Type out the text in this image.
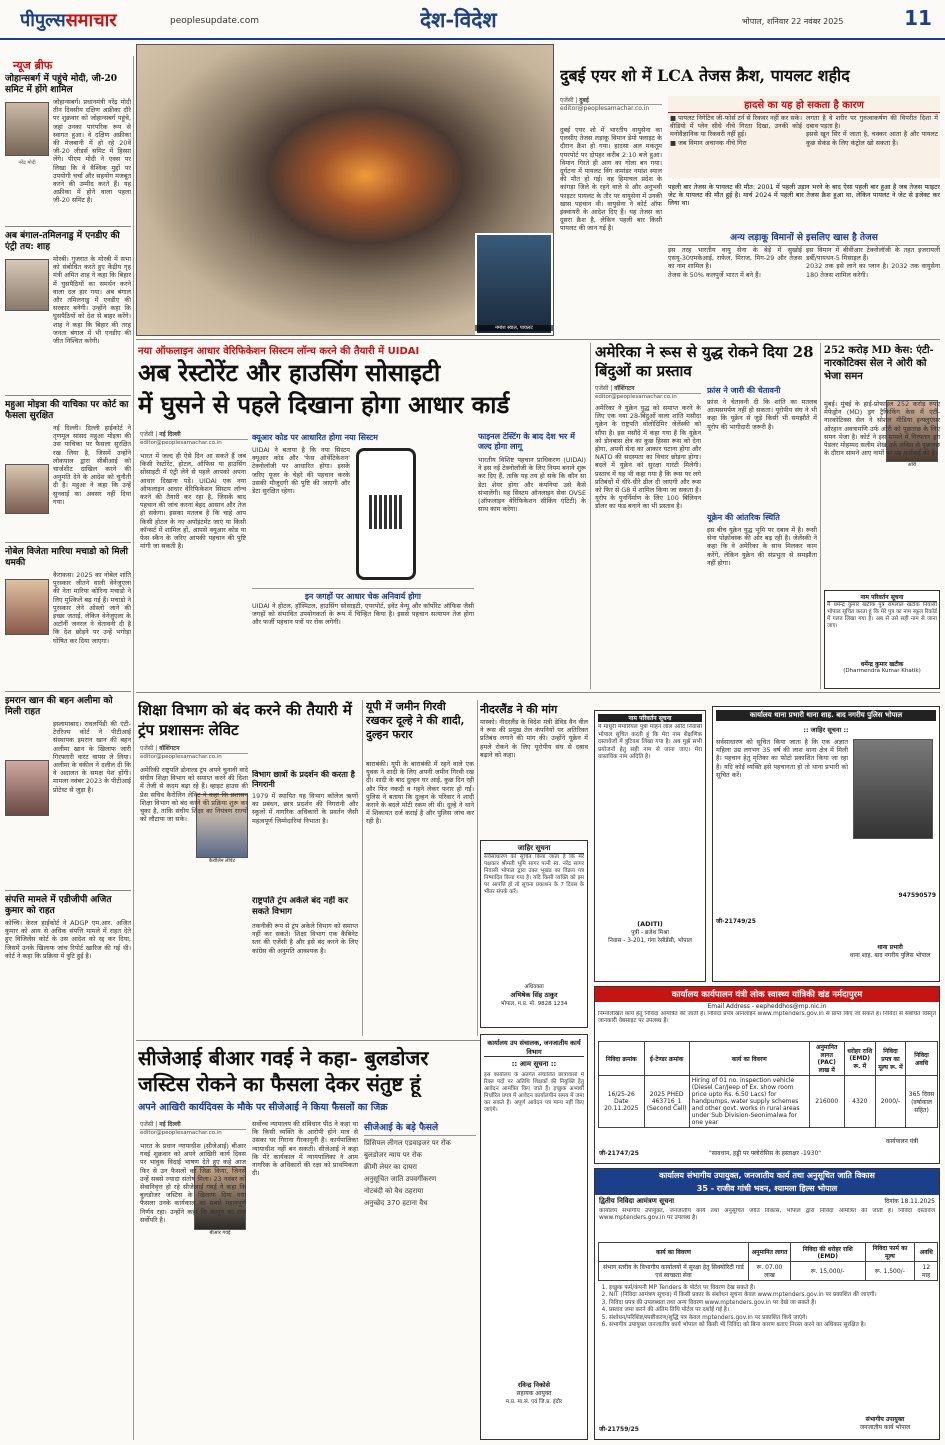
पीपुल्ससमाचार	peoplesupdate.com	देश-विदेश	भोपाल, शनिवार 22 नवंबर 2025	11
न्यूज ब्रीफ
जोहान्सबर्ग में पहुंचे मोदी, जी-20 समिट में होंगे शामिल
जोहान्सबर्ग। प्रधानमंत्री नरेंद्र मोदी तीन दिवसीय दक्षिण अफ्रीका दौरे पर शुक्रवार को जोहान्सबर्ग पहुंचे, जहां उनका पारंपरिक रूप से स्वागत हुआ। वे दक्षिण अफ्रीका की मेजबानी में हो रहे 20वें जी-20 लीडर्स समिट में हिस्सा लेंगे। पीएम मोदी ने एक्स पर लिखा कि वे वैश्विक मुद्दों पर उपयोगी चर्चा और सहयोग मजबूत करने की उम्मीद करते हैं। यह अफ्रीका में होने वाला पहला जी-20 समिट है।
नरेंद्र मोदी
अब बंगाल-तमिलनाडु में एनडीए की एंट्री तय: शाह
मोरबी। गुजरात के मोरबी में सभा को संबोधित करते हुए केंद्रीय गृह मंत्री अमित शाह ने कहा कि बिहार में घुसपैठियों का समर्थन करने वाला दल हार गया। अब बंगाल और तमिलनाडु में एनडीए की सरकार बनेगी। उन्होंने कहा कि घुसपैठियों को देश से बाहर करेंगे। शाह ने कहा कि बिहार की तरह जनता बंगाल में भी एनडीए की जीत निश्चित करेगी।
महुआ मोइत्रा की याचिका पर कोर्ट का फैसला सुरक्षित
नई दिल्ली। दिल्ली हाईकोर्ट ने तृणमूल सांसद महुआ मोइत्रा की उस याचिका पर फैसला सुरक्षित रख लिया है, जिसमें उन्होंने लोकपाल द्वारा सीबीआई को चार्जशीट दाखिल करने की अनुमति देने के आदेश को चुनौती दी है। महुआ ने कहा कि उन्हें सुनवाई का अवसर नहीं दिया गया।
नोबेल विजेता मारिया मचाडो को मिली धमकी
कैराकस। 2025 का नोबेल शांति पुरस्कार जीतने वाली वेनेजुएला की नेता मारिया कोरिना मचाडो ने लिए मुश्किलें बढ़ गई हैं। मचाडो ने पुरस्कार लेने ओस्लो जाने की इच्छा जताई, लेकिन वेनेजुएला के अटॉर्नी जनरल ने चेतावनी दी है कि देश छोड़ने पर उन्हें भगोड़ा घोषित कर दिया जाएगा।
इमरान खान की बहन अलीमा को मिली राहत
इस्लामाबाद। रावलपिंडी की एंटी-टेररिज्म कोर्ट ने पीटीआई संस्थापक इमरान खान की बहन अलीमा खान के खिलाफ जारी गिरफ्तारी वारंट वापस ले लिया। अलीमा के वकील ने दलील दी कि वे अदालत के समक्ष पेश होंगी। मामला नवंबर 2023 के पीटीआई प्रोटेस्ट से जुड़ा है।
संपत्ति मामले में एडीजीपी अजित कुमार को राहत
कोच्चि। केरल हाईकोर्ट ने ADGP एम.आर. अजित कुमार को आय से अधिक संपत्ति मामले में राहत देते हुए विजिलेंस कोर्ट के उस आदेश को रद्द कर दिया, जिसमें उनके खिलाफ जांच रिपोर्ट खारिज की गई थी। कोर्ट ने कहा कि प्रक्रिया में त्रुटि हुई है।
नमांश स्याल, पायलट
दुबई एयर शो में LCA तेजस क्रैश, पायलट शहीद
एजेंसी | दुबई
editor@peoplesamachar.co.in
दुबई एयर शो में भारतीय वायुसेना का एलसीए तेजस लड़ाकू विमान डेमो फ्लाइट के दौरान क्रैश हो गया। हादसा अल मकतूम एयरपोर्ट पर दोपहर करीब 2:10 बजे हुआ। विमान गिरते ही आग का गोला बन गया। दुर्घटना में पायलट विंग कमांडर नमांश स्याल की मौत हो गई। वह हिमाचल प्रदेश के कांगड़ा जिले के रहने वाले थे और अनुभवी फाइटर पायलट के तौर पर वायुसेना में उनकी खास पहचान थी। वायुसेना ने कोर्ट ऑफ इंक्वायरी के आदेश दिए हैं। यह तेजस का दूसरा क्रैश है, लेकिन पहली बार किसी पायलट की जान गई है।
हादसे का यह हो सकता है कारण
■ पायलट निगेटिव जी-फोर्स टर्न से रिकवर नहीं कर सके। वीडियो में प्लेन सीधे नीचे गिरता दिखा, उनकी कोई मनोवैज्ञानिक या रिकवरी नहीं हुई।
■ जब विमान अचानक नीचे गिरा
लगता है वे शरीर पर गुरुत्वाकर्षण की विपरीत दिशा में दबाव पड़ता है।
इससे खून सिर में जाता है, चक्कर आता है और पायलट कुछ सेकंड के लिए कंट्रोल खो सकता है।
पहली बार तेजस के पायलट की मौत: 2001 में पहली उड़ान भरने के बाद ऐसा पहली बार हुआ है जब तेजस फाइटर जेट के पायलट की मौत हुई है। मार्च 2024 में पहली बार तेजस क्रैश हुआ था, लेकिन पायलट ने जेट से इजेक्ट कर लिया था।
अन्य लड़ाकू विमानों से इसलिए खास है तेजस
इस तरह भारतीय वायु सेना के बेड़े में सुखोई एसयू-30एमकेआई, राफेल, मिराज, मिग-29 और तेजस का नाम शामिल है।
तेजस के 50% कलपुर्जे भारत में बने हैं।
इस विमान में बीवीआर टेक्नोलॉजी के तहत इजरायली डर्बी/पायथन-5 मिसाइल हैं।
2032 तक इसे लाने का प्लान है। 2032 तक वायुसेना 180 तेजस शामिल करेगी।
नया ऑफलाइन आधार वेरिफिकेशन सिस्टम लॉन्च करने की तैयारी में UIDAI
अब रेस्टोरेंट और हाउसिंग सोसाइटी
में घुसने से पहले दिखाना होगा आधार कार्ड
एजेंसी | नई दिल्ली
editor@peoplesamachar.co.in
भारत में जल्द ही ऐसे दिन आ सकते हैं जब किसी रेस्टोरेंट, होटल, ऑफिस या हाउसिंग सोसाइटी में एंट्री लेने से पहले आपको अपना आधार दिखाना पड़े। UIDAI एक नया ऑफलाइन आधार वेरिफिकेशन सिस्टम लॉन्च करने की तैयारी कर रहा है, जिसके बाद पहचान की जांच करना बेहद आसान और तेज हो सकेगा। इसका मतलब है कि चाहे आप किसी होटल के नए अपॉइंटमेंट जाएं या किसी कॉन्सर्ट में शामिल हों, आपसे क्यूआर कोड या फेस स्कैन के जरिए आपकी पहचान की पुष्टि मांगी जा सकती है।
क्यूआर कोड पर आधारित होगा नया सिस्टम
UIDAI ने बताया है कि नया सिस्टम क्यूआर कोड और 'फेस ऑथेंटिकेशन' टेक्नोलॉजी पर आधारित होगा। इसके जरिए यूजर के चेहरे की पहचान करके उसकी मौजूदगी की पुष्टि की जाएगी और डेटा सुरक्षित रहेगा।
फाइनल टेस्टिंग के बाद देश भर में जल्द होगा लागू
भारतीय विशिष्ट पहचान प्राधिकरण (UIDAI) ने इस नई टेक्नोलॉजी के लिए नियम बनाने शुरू कर दिए हैं, ताकि यह तय हो सके कि कौन सा डेटा शेयर होगा और कंपनियां उसे कैसे संभालेंगी। यह सिस्टम ऑनलाइन सेवा OVSE (ऑफलाइन वेरिफिकेशन सीकिंग एंटिटी) के साथ काम करेगा।
इन जगहों पर आधार चेक अनिवार्य होगा
UIDAI ने होटल, हॉस्पिटल, हाउसिंग सोसाइटी, एयरपोर्ट, इवेंट वेन्यू और कॉर्पोरेट ऑफिस जैसी जगहों को संभावित उपयोगकर्ता के रूप में चिन्हित किया है। इससे पहचान सत्यापन तेज होगा और फर्जी पहचान पत्रों पर रोक लगेगी।
अमेरिका ने रूस से युद्ध रोकने दिया 28 बिंदुओं का प्रस्ताव
एजेंसी | वॉशिंगटन
editor@peoplesamachar.co.in
अमेरिका ने यूक्रेन युद्ध को समाप्त करने के लिए एक नया 28-बिंदुओं वाला शांति मसौदा यूक्रेन के राष्ट्रपति वोलोदिमिर जेलेंस्की को सौंपा है। इस मसौदे में कहा गया है कि यूक्रेन को डोनबास क्षेत्र का कुछ हिस्सा रूस को देना होगा, अपनी सेना का आकार घटाना होगा और NATO की सदस्यता का विचार छोड़ना होगा। बदले में यूक्रेन को सुरक्षा गारंटी मिलेगी। प्रस्ताव में यह भी कहा गया है कि रूस पर लगे प्रतिबंधों में धीरे-धीरे ढील दी जाएगी और रूस को फिर से G8 में शामिल किया जा सकता है। यूरोप के पुनर्निर्माण के लिए 100 बिलियन डॉलर का फंड बनाने का भी प्रस्ताव है।
फ्रांस ने जारी की चेतावनी
फ्रांस ने चेतावनी दी कि शांति का मतलब आत्मसमर्पण नहीं हो सकता। यूरोपीय संघ ने भी कहा कि यूक्रेन से जुड़े किसी भी समझौते में यूरोप की भागीदारी जरूरी है।
यूक्रेन की आंतरिक स्थिति
इस बीच यूक्रेन युद्ध भूमि पर दबाव में है। रूसी सेना पोक्रोवस्क की ओर बढ़ रही है। जेलेंस्की ने कहा कि वे अमेरिका के साथ मिलकर काम करेंगे, लेकिन यूक्रेन की संप्रभुता से समझौता नहीं होगा।
252 करोड़ MD केस: एंटी-नारकोटिक्स सेल ने ओरी को भेजा समन
ओरी
मुंबई। मुंबई के हाई-प्रोफाइल 252 करोड़ रुपए मेफेड्रोन (MD) ड्रग ट्रैफिकिंग केस में एंटी-नारकोटिक्स सेल ने सोशल मीडिया इन्फ्लुएंसर ओरहान अवत्रामणि उर्फ ओरी को पूछताछ के लिए समन भेजा है। कोर्ट ने इस मामले में गिरफ्तार ड्रग पेडलर मोहम्मद सलीम शेख उर्फ लविश से पूछताछ के दौरान सामने आए नामों पर यह कार्रवाई की है।
नाम परिवर्तन सूचना
मैं धर्मेन्द्र कुमार खटीक पुत्र रामलाल खटीक निवासी भोपाल सूचित करता हूं कि मेरे पुत्र का नाम स्कूल रिकॉर्ड में गलत लिखा गया है। अब से उसे सही नाम से जाना जाए।
धर्मेन्द्र कुमार खटीक
(Dharmendra Kumar Khatik)
शिक्षा विभाग को बंद करने की तैयारी में ट्रंप प्रशासनः लेविट
एजेंसी | वॉशिंगटन
editor@peoplesamachar.co.in
कैरोलिन लेविट
अमेरिकी राष्ट्रपति डोनाल्ड ट्रंप अपने चुनावी वादे संघीय शिक्षा विभाग को समाप्त करने की दिशा में तेजी से कदम बढ़ा रहे हैं। व्हाइट हाउस की प्रेस सचिव कैरोलिन लेविट ने कहा कि प्रशासन शिक्षा विभाग को बंद करने की प्रक्रिया शुरू कर चुका है, ताकि संघीय शिक्षा का नियंत्रण राज्यों को लौटाया जा सके।
विभाग छात्रों के प्रदर्शन की करता है निगरानी
1979 में स्थापित यह विभाग कॉलेज ऋणों का प्रबंधन, छात्र प्रदर्शन की निगरानी और स्कूलों में नागरिक अधिकारों के प्रवर्तन जैसी महत्वपूर्ण जिम्मेदारियां निभाता है।
राष्ट्रपति ट्रंप अकेले बंद नहीं कर सकते विभाग
तकनीकी रूप से ट्रंप अकेले विभाग को समाप्त नहीं कर सकते। शिक्षा विभाग एक कैबिनेट स्तर की एजेंसी है और इसे बंद करने के लिए कांग्रेस की अनुमति आवश्यक है।
यूपी में जमीन गिरवी रखकर दूल्हे ने की शादी, दुल्हन फरार
बाराबंकी। यूपी के बाराबंकी में रहने वाले एक युवक ने शादी के लिए अपनी जमीन गिरवी रख दी। शादी के बाद दुल्हन घर आई, कुछ दिन रही और फिर नकदी व गहने लेकर फरार हो गई। पुलिस ने बताया कि दुल्हन के परिवार ने शादी कराने के बदले मोटी रकम ली थी। दूल्हे ने थाने में शिकायत दर्ज कराई है और पुलिस जांच कर रही है।
नीदरलैंड ने की मांग
मास्को। नीदरलैंड के विदेश मंत्री डेविड वैन वील ने रूस की प्रमुख तेल कंपनियों पर अतिरिक्त प्रतिबंध लगाने की मांग की। उन्होंने यूक्रेन में हमले रोकने के लिए यूरोपीय संघ से दबाव बढ़ाने को कहा।
नाम परिवर्तन सूचना
मैं माधुरी मेमोरियल पुत्री मोहन लाल आदि निवासी भोपाल सूचित करती हूं कि मेरा नाम शैक्षणिक दस्तावेजों में त्रुटिवश लिखा गया है। अब मुझे सभी प्रयोजनों हेतु सही नाम से जाना जाए। मेरा वास्तविक नाम अदिति है।
(ADITI)
पुत्री - ब्रजेश मिश्रा
निवास - 3-201, गंगा रेसीडेंसी, भोपाल
जाहिर सूचना
सर्वसाधारण को सूचित किया जाता है कि मेरे पक्षकार श्रीमती भूमि सागर पत्नी स्व. नरेंद्र सागर निवासी भोपाल द्वारा उक्त भूखंड का विक्रय पत्र निष्पादित किया गया है। यदि किसी व्यक्ति को इस पर आपत्ति हो तो सूचना प्रकाशन के 7 दिवस के भीतर संपर्क करें।
अधिवक्ता
अभिषेक सिंह ठाकुर
भोपाल, म.प्र. मो. 9828 1234
कार्यालय थाना प्रभारी थाना शाह. बाद नगरीय पुलिस भोपाल
:: जाहिर सूचना ::
सर्वसाधारण को सूचित किया जाता है कि एक अज्ञात महिला उम्र लगभग 35 वर्ष की लाश थाना क्षेत्र में मिली है। पहचान हेतु मृतिका का फोटो प्रकाशित किया जा रहा है। यदि कोई व्यक्ति इसे पहचानता हो तो थाना प्रभारी को सूचित करें।
947590579
जी-21749/25
थाना प्रभारी
थाना शाह. बाद नगरीय पुलिस भोपाल
कार्यालय कार्यपालन यंत्री लोक स्वास्थ्य यांत्रिकी खंड नर्मदापुरम
Email Address - eepheddhos@mp.nic.in
निम्नलिखित कार्य हेतु निविदा आमंत्रित की जाती है। निविदा प्रपत्र ऑनलाइन www.mptenders.gov.in से प्राप्त किए जा सकते हैं। निविदा से संबंधित विस्तृत जानकारी वेबसाइट पर उपलब्ध है।
निविदा क्रमांक	ई-टेण्डर क्रमांक	कार्य का विवरण	अनुमानित लागत (PAC) लाख में	धरोहर राशि (EMD) रू. में	निविदा प्रपत्र का मूल्य रू. में	निविदा अवधि
16/25-26 Date 20.11.2025	2025 PHED 463716_1 (Second Call)	Hiring of 01 no. inspection vehicle (Diesel Car/Jeep of Ex. show room price upto Rs. 6.50 Lacs) for handpumps, water supply schemes and other govt. works in rural areas under Sub Division-Seonimalwa for one year	216000	4320	2000/-	365 दिवस (वर्षाकाल सहित)
जी-21747/25	"सावधान, हड्डी पर फ्लोरोसिस के हस्ताक्षर -1930"
कार्यपालन यंत्री
सीजेआई बीआर गवई ने कहा- बुलडोजर
जस्टिस रोकने का फैसला देकर संतुष्ट हूं
अपने आखिरी कार्यदिवस के मौके पर सीजेआई ने किया फैसलों का जिक्र
एजेंसी | नई दिल्ली
editor@peoplesamachar.co.in
बीआर गवई
भारत के प्रधान न्यायाधीश (सीजेआई) बीआर गवई शुक्रवार को अपने आखिरी कार्य दिवस पर भावुक विदाई भाषण देते हुए कहे आज फिर से उन फैसलों का जिक्र किया, जिनसे उन्हें सबसे ज्यादा संतोष मिला। 23 नवंबर को सेवानिवृत्त हो रहे सीजेआई गवई ने कहा कि बुलडोजर जस्टिस के खिलाफ दिया गया फैसला उनके कार्यकाल का सबसे महत्वपूर्ण निर्णय रहा। उन्होंने कहा कि कानून का राज सर्वोपरि है।
सर्वोच्च न्यायालय की संविधान पीठ ने कहा था कि किसी व्यक्ति के आरोपी होने मात्र से उसका घर गिराना गैरकानूनी है। कार्यपालिका न्यायाधीश नहीं बन सकती। सीजेआई ने कहा कि मेरे कार्यकाल में न्यायपालिका ने आम नागरिक के अधिकारों की रक्षा को प्राथमिकता दी।
सीजेआई के बड़े फैसले
प्रिंसिपल लीगल एडवाइजर पर रोक
बुलडोजर न्याय पर रोक
क्रीमी लेयर का दायरा
अनुसूचित जाति उपवर्गीकरण
नोटबंदी को वैध ठहराया
अनुच्छेद 370 हटाना वैध
कार्यालय उप संचालक, जनजातीय कार्य विभाग
:: आम सूचना ::
इस कार्यालय के अंतर्गत संचालित छात्रावासों में रिक्त पदों पर अतिथि शिक्षकों की नियुक्ति हेतु आवेदन आमंत्रित किए जाते हैं। इच्छुक अभ्यर्थी निर्धारित प्रपत्र में आवेदन कार्यालयीन समय में जमा कर सकते हैं। अपूर्ण आवेदन पत्र मान्य नहीं किए जाएंगे।
रविन्द्र निकोसे
सहायक आयुक्त
म.प्र. मा.सं. एवं जि.प्र. इंदौर
कार्यालय संभागीय उपायुक्त, जनजातीय कार्य तथा अनुसूचित जाति विकास
35 - राजीव गांधी भवन, श्यामला हिल्स भोपाल
द्वितीय निविदा आमंत्रण सूचना	दिनांक 18.11.2025
कार्यालय संभागीय उपायुक्त, जनजातीय कार्य तथा अनुसूचित जाति विकास, भोपाल द्वारा निविदा आमंत्रित की जाती है। निविदा दस्तावेज www.mptenders.gov.in पर उपलब्ध है।
कार्य का विवरण	अनुमानित लागत	निविदा की धरोहर राशि (EMD)	निविदा फार्म का मूल्य	अवधि
संभाग स्तरीय के विभागीय कार्यालयों में सुरक्षा हेतु सिक्योरिटी गार्ड एवं स्वच्छता सेवा	रू. 07.00 लाख	रू. 15,000/-	रू. 1,500/-	12 माह
1. इच्छुक फर्म/कंपनी MP Tenders के पोर्टल पर विवरण देख सकते हैं।
2. NIT (निविदा आमंत्रण सूचना) में किसी प्रकार के संशोधन सूचना केवल www.mptenders.gov.in पर प्रकाशित की जाएगी।
3. निविदा प्रपत्र की उपलब्धता तथा अन्य विवरण www.mptenders.gov.in पर देखे जा सकते हैं।
4. प्रस्ताव जमा करने की अंतिम तिथि पोर्टल पर दर्शाई गई है।
5. संशोधन/परिशिष्ट/स्पष्टीकरण/शुद्धि पत्र केवल mptenders.gov.in पर प्रकाशित किये जाएंगे।
6. संभागीय उपायुक्त जनजातीय कार्य भोपाल को किसी भी निविदा को बिना कारण बताए निरस्त करने का अधिकार सुरक्षित है।
जी-21759/25
संभागीय उपायुक्त
जनजातीय कार्य भोपाल
